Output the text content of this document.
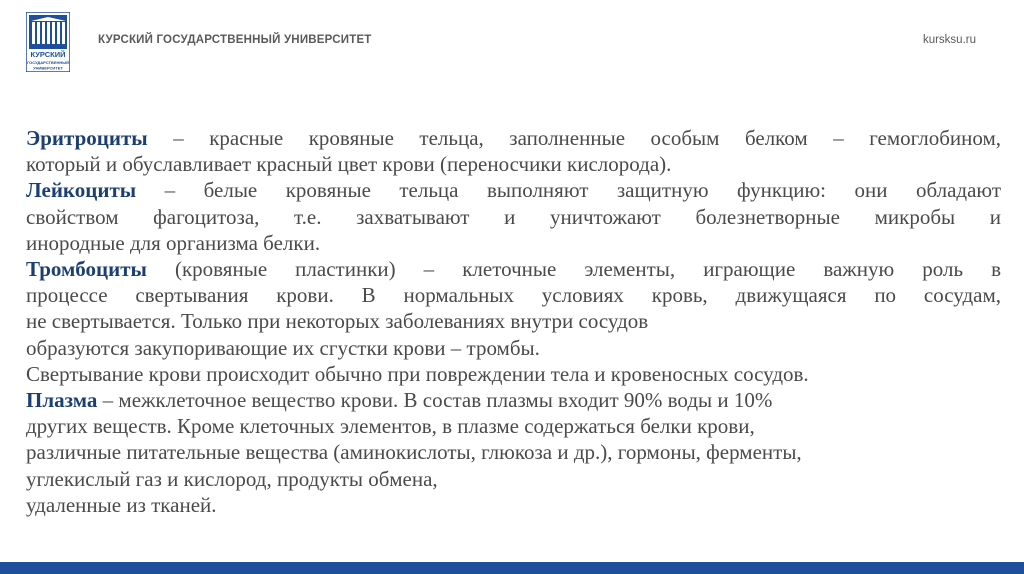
КУРСКИЙ
ГОСУДАРСТВЕННЫЙ
УНИВЕРСИТЕТ
КУРСКИЙ ГОСУДАРСТВЕННЫЙ УНИВЕРСИТЕТ	kursksu.ru

Эритроциты – красные кровяные тельца, заполненные особым белком – гемоглобином,

который и обуславливает красный цвет крови (переносчики кислорода).

Лейкоциты – белые кровяные тельца выполняют защитную функцию: они обладают

свойством фагоцитоза, т.е. захватывают и уничтожают болезнетворные микробы и

инородные для организма белки.

Тромбоциты (кровяные пластинки) – клеточные элементы, играющие важную роль в

процессе свертывания крови. В нормальных условиях кровь, движущаяся по сосудам,

не свертывается. Только при некоторых заболеваниях внутри сосудов

образуются закупоривающие их сгустки крови – тромбы.

Свертывание крови происходит обычно при повреждении тела и кровеносных сосудов.

Плазма – межклеточное вещество крови. В состав плазмы входит 90% воды и 10%

других веществ. Кроме клеточных элементов, в плазме содержаться белки крови,

различные питательные вещества (аминокислоты, глюкоза и др.), гормоны, ферменты,

углекислый газ и кислород, продукты обмена,

удаленные из тканей.
